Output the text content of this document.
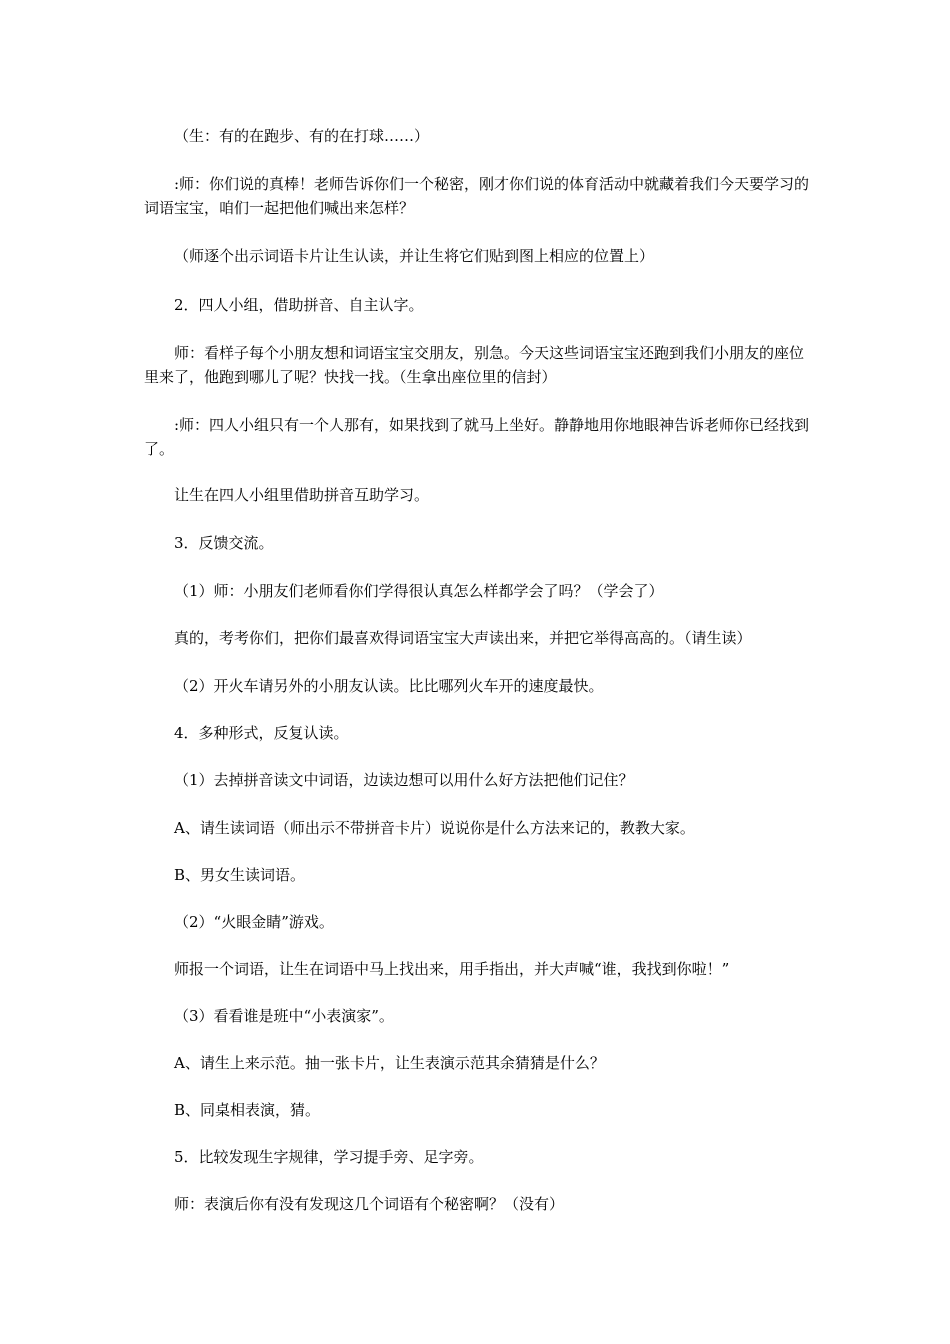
（生：有的在跑步、有的在打球……）
:师：你们说的真棒！老师告诉你们一个秘密，刚才你们说的体育活动中就藏着我们今天要学习的词语宝宝，咱们一起把他们喊出来怎样？
（师逐个出示词语卡片让生认读，并让生将它们贴到图上相应的位置上）
2．四人小组，借助拼音、自主认字。
师：看样子每个小朋友想和词语宝宝交朋友，别急。今天这些词语宝宝还跑到我们小朋友的座位里来了，他跑到哪儿了呢？快找一找。（生拿出座位里的信封）
:师：四人小组只有一个人那有，如果找到了就马上坐好。静静地用你地眼神告诉老师你已经找到了。
让生在四人小组里借助拼音互助学习。
3．反馈交流。
（1）师：小朋友们老师看你们学得很认真怎么样都学会了吗？（学会了）
真的，考考你们，把你们最喜欢得词语宝宝大声读出来，并把它举得高高的。（请生读）
（2）开火车请另外的小朋友认读。比比哪列火车开的速度最快。
4．多种形式，反复认读。
（1）去掉拼音读文中词语，边读边想可以用什么好方法把他们记住？
A、请生读词语（师出示不带拼音卡片）说说你是什么方法来记的，教教大家。
B、男女生读词语。
（2）“火眼金睛”游戏。
师报一个词语，让生在词语中马上找出来，用手指出，并大声喊“谁，我找到你啦！”
（3）看看谁是班中“小表演家”。
A、请生上来示范。抽一张卡片，让生表演示范其余猜猜是什么？
B、同桌相表演，猜。
5．比较发现生字规律，学习提手旁、足字旁。
师：表演后你有没有发现这几个词语有个秘密啊？（没有）
